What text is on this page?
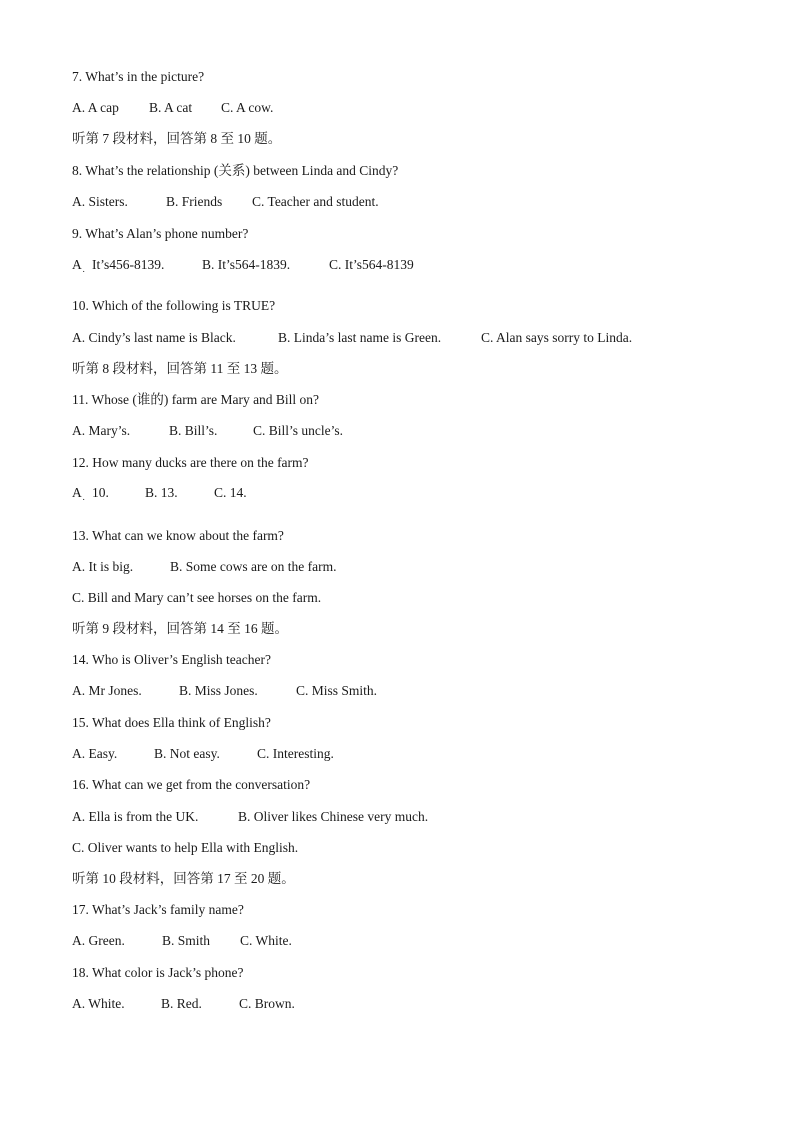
7. What’s in the picture?
A. A cap B. A cat C. A cow.
听第 7 段材料，回答第 8 至 10 题。
8. What’s the relationship (关系) between Linda and Cindy?
A. Sisters.	B. Friends C. Teacher and student.
9. What’s Alan’s phone number?
A It’s456-8139.	B. It’s564-1839.	C. It’s564-8139
˙
10. Which of the following is TRUE?
A. Cindy’s last name is Black.	B. Linda’s last name is Green.	C. Alan says sorry to Linda.
听第 8 段材料，回答第 11 至 13 题。
11. Whose (谁的) farm are Mary and Bill on?
A. Mary’s.	B. Bill’s.	C. Bill’s uncle’s.
12. How many ducks are there on the farm?
A 10.	B. 13.	C. 14.
˙
13. What can we know about the farm?
A. It is big.	B. Some cows are on the farm.
C. Bill and Mary can’t see horses on the farm.
听第 9 段材料，回答第 14 至 16 题。
14. Who is Oliver’s English teacher?
A. Mr Jones.	B. Miss Jones.	C. Miss Smith.
15. What does Ella think of English?
A. Easy.	B. Not easy.	C. Interesting.
16. What can we get from the conversation?
A. Ella is from the UK.	B. Oliver likes Chinese very much.
C. Oliver wants to help Ella with English.
听第 10 段材料，回答第 17 至 20 题。
17. What’s Jack’s family name?
A. Green.	B. Smith C. White.
18. What color is Jack’s phone?
A. White.	B. Red.	C. Brown.
